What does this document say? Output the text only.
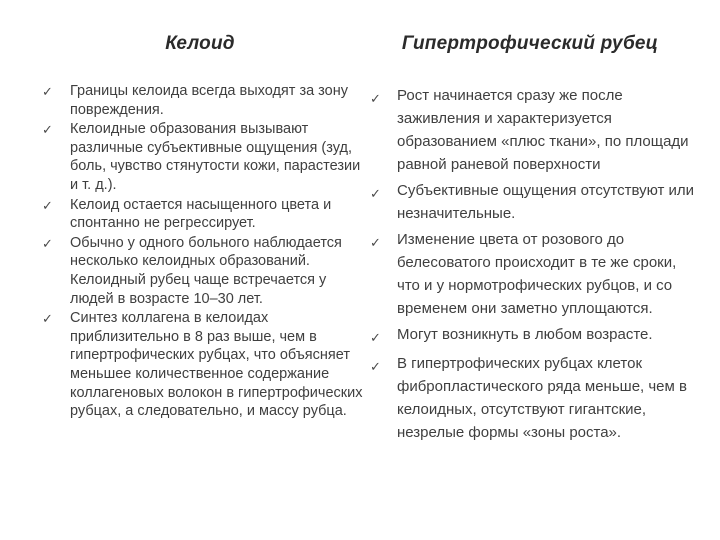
Келоид	Гипертрофический рубец
✓	Границы келоида всегда выходят за зону повреждения.
✓	Келоидные образования вызывают различные субъективные ощущения (зуд, боль, чувство стянутости кожи, парастезии и т. д.).
✓	Келоид остается насыщенного цвета и спонтанно не регрессирует.
✓	Обычно у одного больного наблюдается несколько келоидных образований. Келоидный рубец чаще встречается у людей в возрасте 10–30 лет.
✓	Синтез коллагена в келоидах приблизительно в 8 раз выше, чем в гипертрофических рубцах, что объясняет меньшее количественное содержание коллагеновых волокон в гипертрофических рубцах, а следовательно, и массу рубца.
✓	Рост начинается сразу же после заживления и характеризуется образованием «плюс ткани», по площади равной раневой поверхности
✓	Субъективные ощущения отсутствуют или незначительные.
✓	Изменение цвета от розового до белесоватого происходит в те же сроки, что и у нормотрофических рубцов, и со временем они заметно уплощаются.
✓	Могут возникнуть в любом возрасте.
✓	В гипертрофических рубцах клеток фибропластического ряда меньше, чем в келоидных, отсутствуют гигантские, незрелые формы «зоны роста».
